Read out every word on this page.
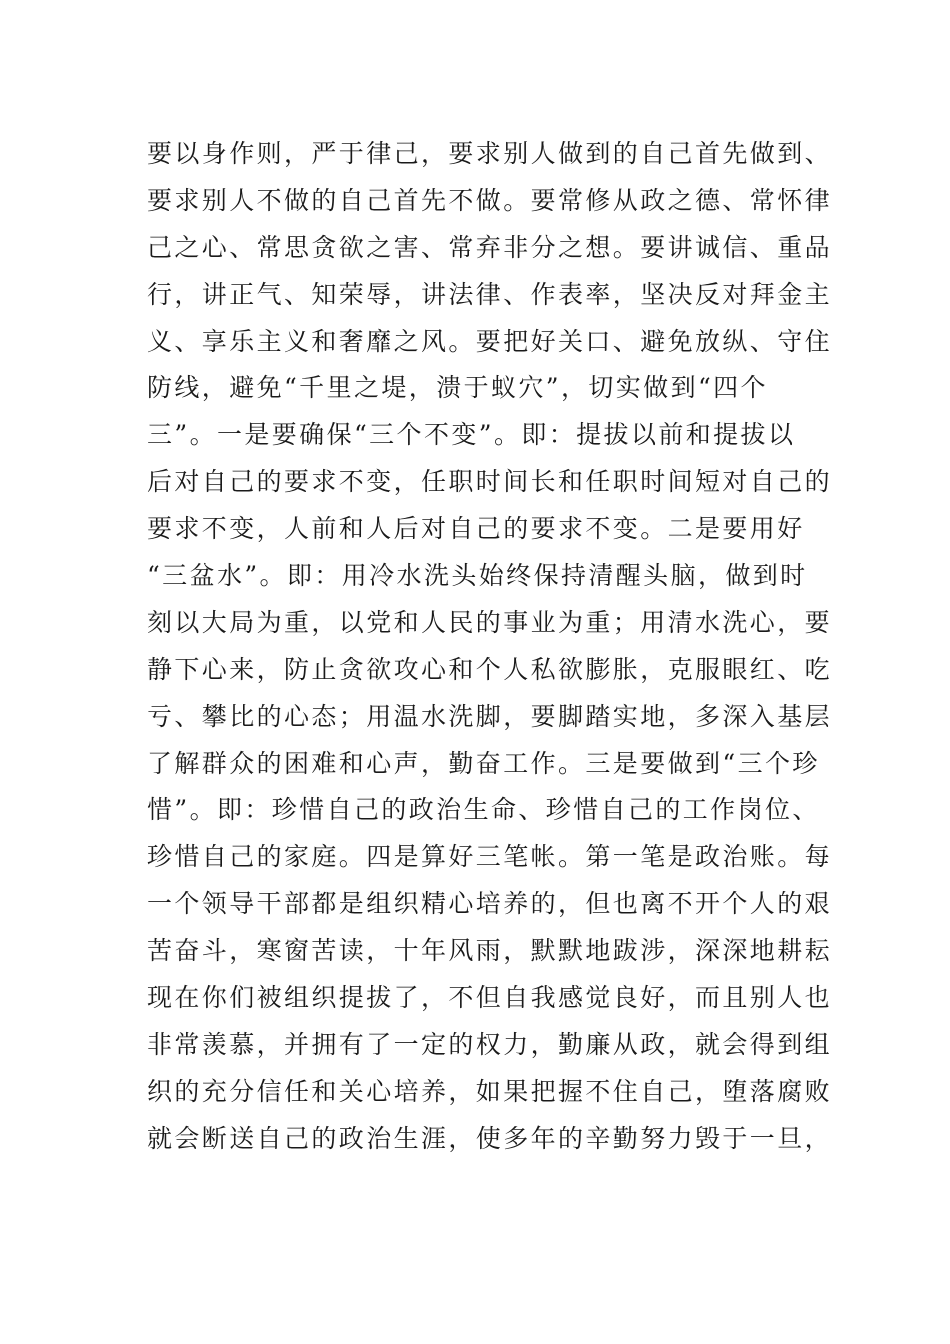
要以身作则，严于律己，要求别人做到的自己首先做到、
要求别人不做的自己首先不做。要常修从政之德、常怀律
己之心、常思贪欲之害、常弃非分之想。要讲诚信、重品
行，讲正气、知荣辱，讲法律、作表率，坚决反对拜金主
义、享乐主义和奢靡之风。要把好关口、避免放纵、守住
防线，避免“千里之堤，溃于蚁穴”，切实做到“四个
三”。一是要确保“三个不变”。即：提拔以前和提拔以
后对自己的要求不变，任职时间长和任职时间短对自己的
要求不变，人前和人后对自己的要求不变。二是要用好
“三盆水”。即：用冷水洗头始终保持清醒头脑，做到时
刻以大局为重，以党和人民的事业为重；用清水洗心，要
静下心来，防止贪欲攻心和个人私欲膨胀，克服眼红、吃
亏、攀比的心态；用温水洗脚，要脚踏实地，多深入基层
了解群众的困难和心声，勤奋工作。三是要做到“三个珍
惜”。即：珍惜自己的政治生命、珍惜自己的工作岗位、
珍惜自己的家庭。四是算好三笔帐。第一笔是政治账。每
一个领导干部都是组织精心培养的，但也离不开个人的艰
苦奋斗，寒窗苦读，十年风雨，默默地跋涉，深深地耕耘
现在你们被组织提拔了，不但自我感觉良好，而且别人也
非常羡慕，并拥有了一定的权力，勤廉从政，就会得到组
织的充分信任和关心培养，如果把握不住自己，堕落腐败
就会断送自己的政治生涯，使多年的辛勤努力毁于一旦，
